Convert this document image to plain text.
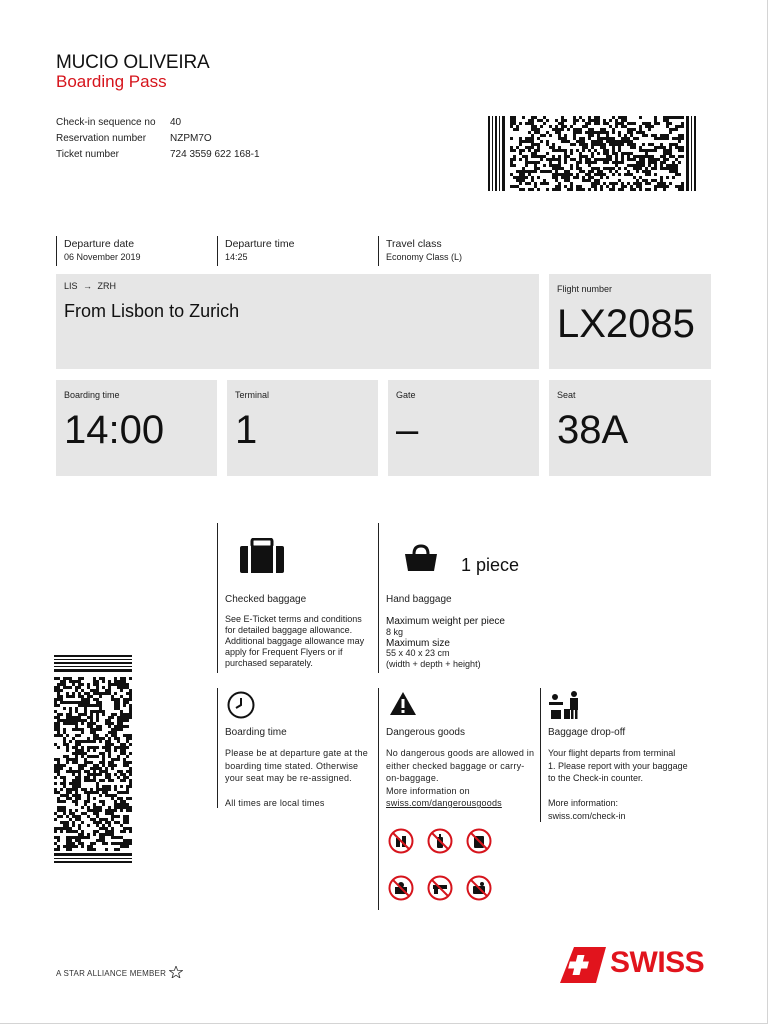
MUCIO OLIVEIRA
Boarding Pass
Check-in sequence no 40
Reservation number NZPM7O
Ticket number	724 3559 622 168-1
Departure date
06 November 2019
Departure time
14:25
Travel class
Economy Class (L)
LIS → ZRH
From Lisbon to Zurich
Flight number
LX2085
Boarding time
14:00
Terminal
1
Gate
–
Seat
38A
Checked baggage
See E-Ticket terms and conditions
for detailed baggage allowance.
Additional baggage allowance may
apply for Frequent Flyers or if
purchased separately.
1 piece
Hand baggage
Maximum weight per piece
8 kg
Maximum size
55 x 40 x 23 cm
(width + depth + height)
Boarding time
Please be at departure gate at the
boarding time stated. Otherwise
your seat may be re-assigned.
All times are local times
Dangerous goods
No dangerous goods are allowed in
either checked baggage or carry-
on-baggage.
More information on
swiss.com/dangerousgoods
Baggage drop-off
Your flight departs from terminal
1. Please report with your baggage
to the Check-in counter.
More information:
swiss.com/check-in
A STAR ALLIANCE MEMBER	SWISS
